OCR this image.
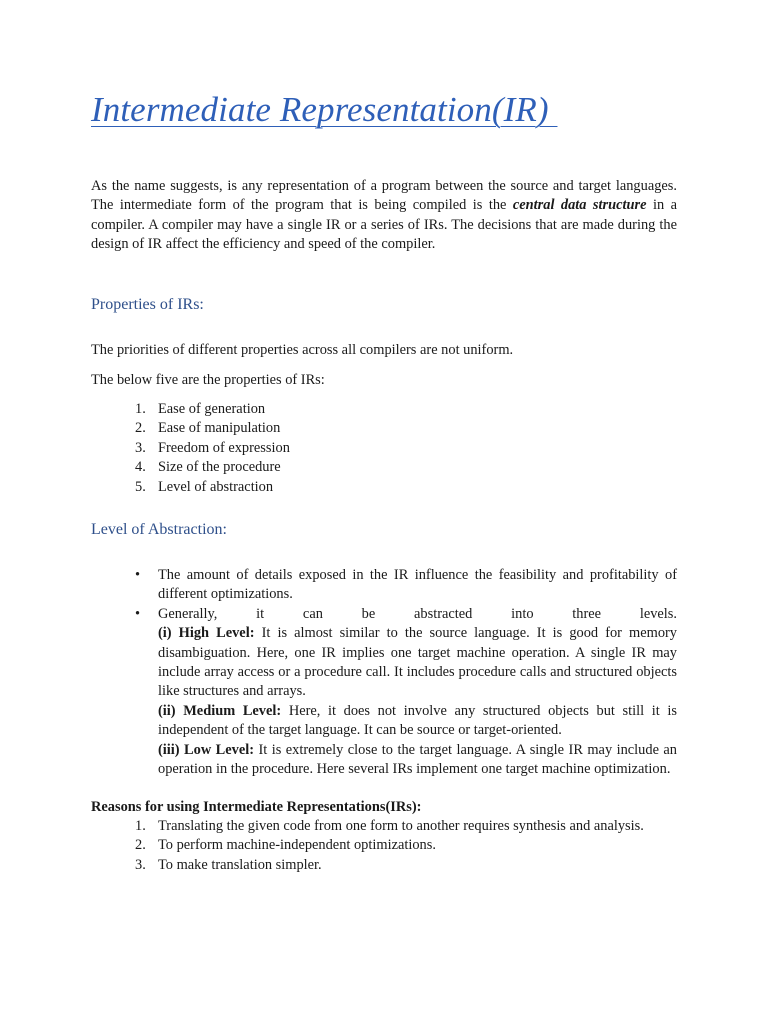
Intermediate Representation(IR)

As the name suggests, is any representation of a program between the source and target languages. The intermediate form of the program that is being compiled is the central data structure in a compiler. A compiler may have a single IR or a series of IRs. The decisions that are made during the design of IR affect the efficiency and speed of the compiler.

Properties of IRs:

The priorities of different properties across all compilers are not uniform.

The below five are the properties of IRs:

1. Ease of generation
2. Ease of manipulation
3. Freedom of expression
4. Size of the procedure
5. Level of abstraction
Level of Abstraction:
• The amount of details exposed in the IR influence the feasibility and profitability of different optimizations.
• Generally, it can be abstracted into three levels.
(i) High Level: It is almost similar to the source language. It is good for memory disambiguation. Here, one IR implies one target machine operation. A single IR may include array access or a procedure call. It includes procedure calls and structured objects like structures and arrays.
(ii) Medium Level: Here, it does not involve any structured objects but still it is independent of the target language. It can be source or target-oriented.
(iii) Low Level: It is extremely close to the target language. A single IR may include an operation in the procedure. Here several IRs implement one target machine optimization.

Reasons for using Intermediate Representations(IRs):

1. Translating the given code from one form to another requires synthesis and analysis.
2. To perform machine-independent optimizations.
3. To make translation simpler.
